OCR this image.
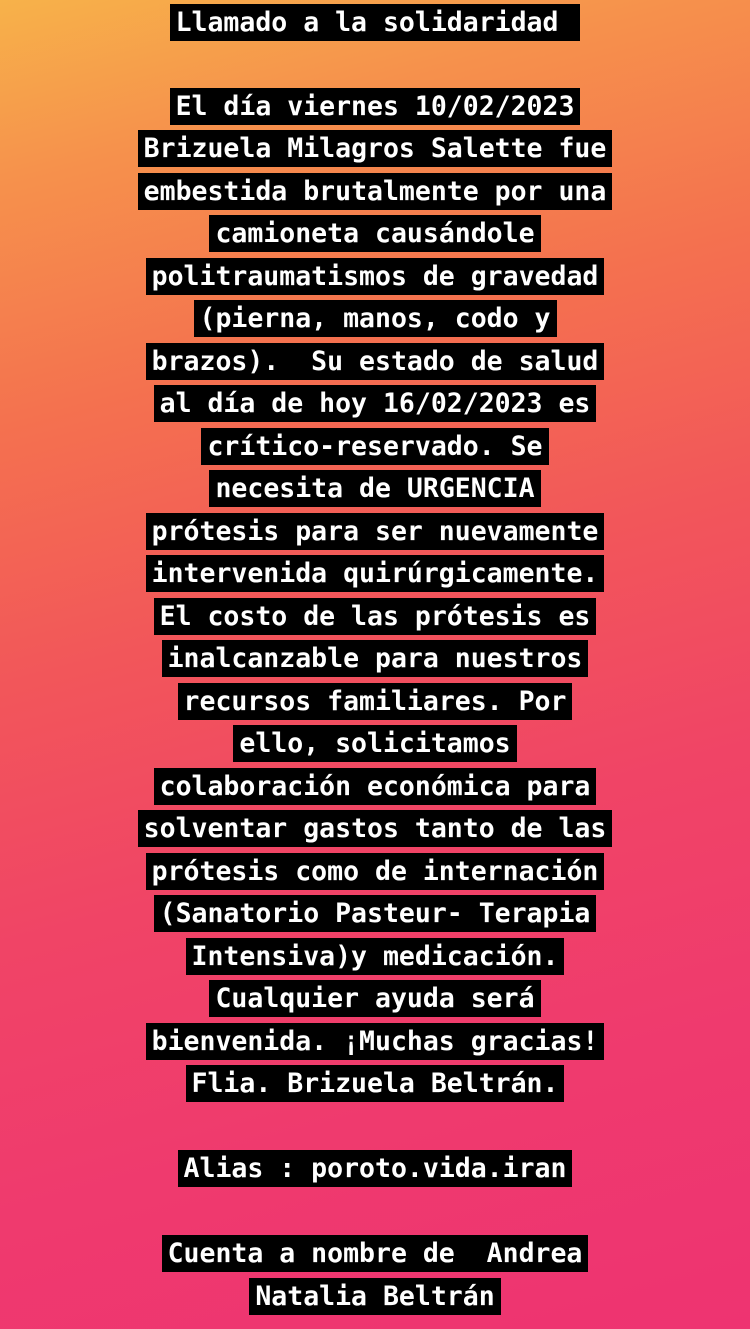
Llamado a la solidaridad
El día viernes 10/02/2023
Brizuela Milagros Salette fue
embestida brutalmente por una
camioneta causándole
politraumatismos de gravedad
(pierna, manos, codo y
brazos).  Su estado de salud
al día de hoy 16/02/2023 es
crítico-reservado. Se
necesita de URGENCIA
prótesis para ser nuevamente
intervenida quirúrgicamente.
El costo de las prótesis es
inalcanzable para nuestros
recursos familiares. Por
ello, solicitamos
colaboración económica para
solventar gastos tanto de las
prótesis como de internación
(Sanatorio Pasteur- Terapia
Intensiva)y medicación.
Cualquier ayuda será
bienvenida. ¡Muchas gracias!
Flia. Brizuela Beltrán.
Alias : poroto.vida.iran
Cuenta a nombre de  Andrea
Natalia Beltrán
